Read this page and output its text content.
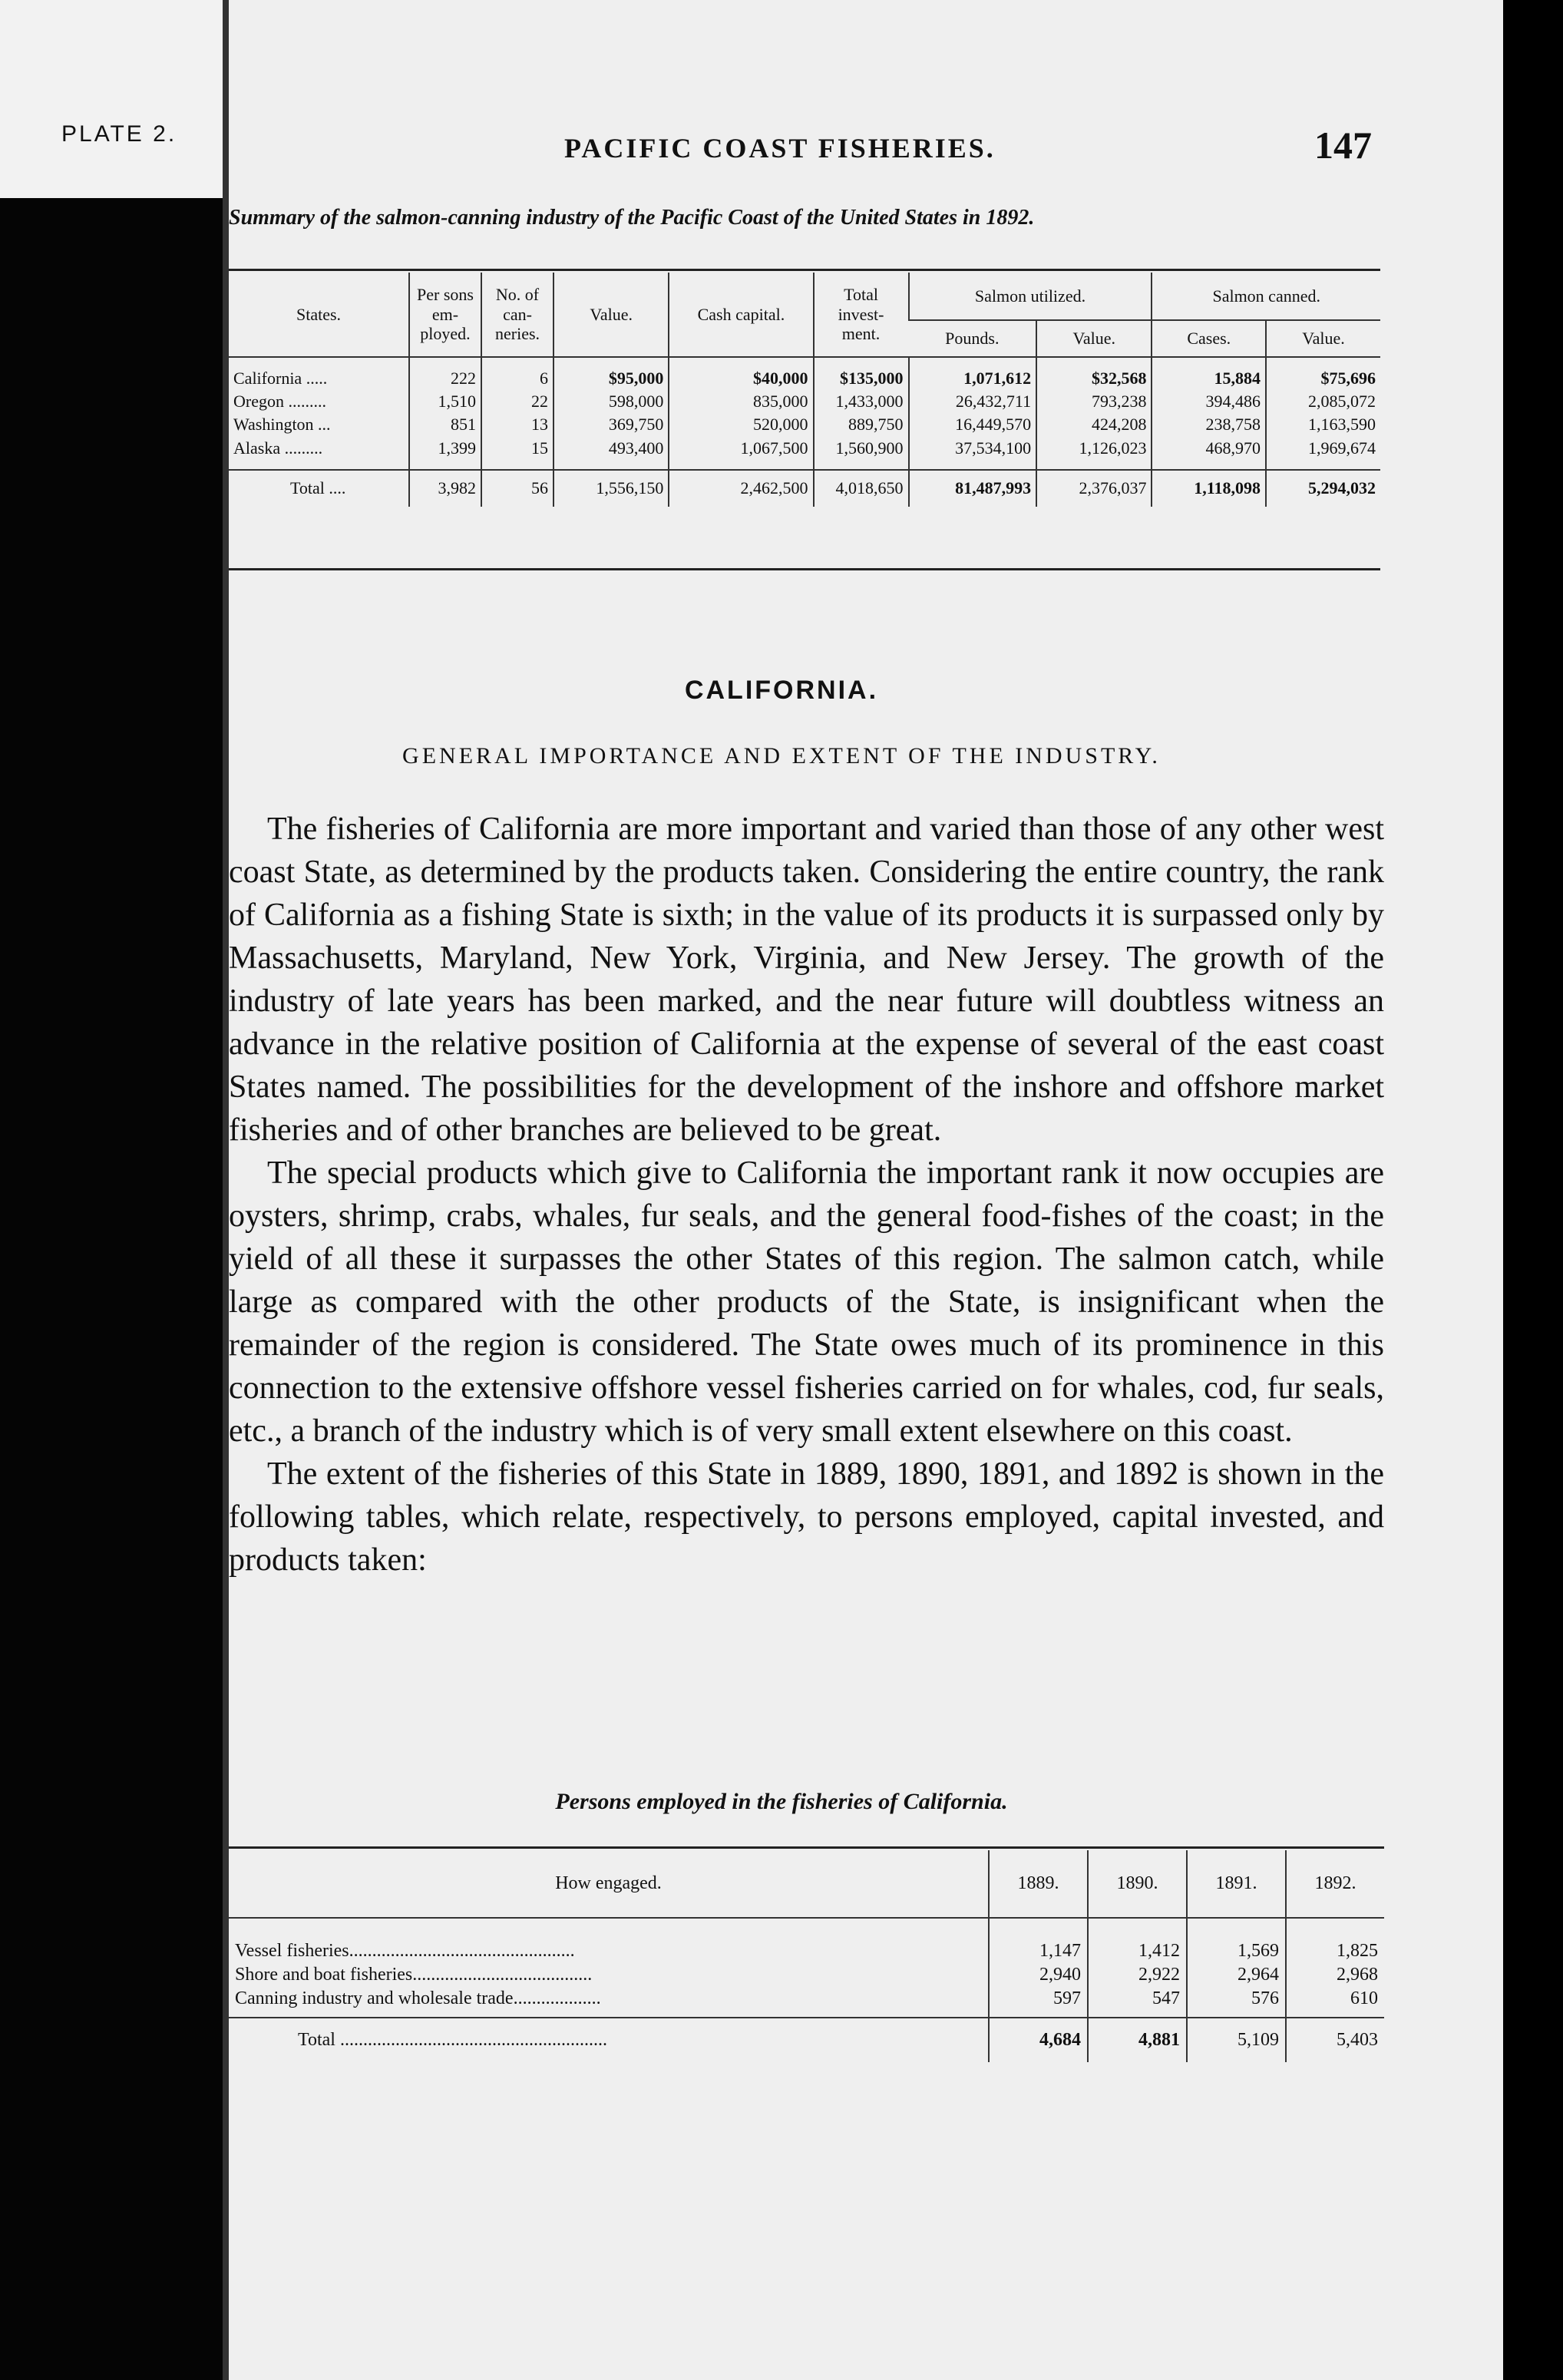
PLATE 2.	PACIFIC COAST FISHERIES.	147
Summary of the salmon-canning industry of the Pacific Coast of the United States in 1892.
States.	Per sons em- ployed.	No. of can- neries.	Value.	Cash capital.	Total invest- ment.	Salmon utilized.		Salmon canned.	
						Pounds.	Value.	Cases.	Value.
California .....	222	6	$95,000	$40,000	$135,000	1,071,612	$32,568	15,884	$75,696
Oregon .........	1,510	22	598,000	835,000	1,433,000	26,432,711	793,238	394,486	2,085,072
Washington ...	851	13	369,750	520,000	889,750	16,449,570	424,208	238,758	1,163,590
Alaska .........	1,399	15	493,400	1,067,500	1,560,900	37,534,100	1,126,023	468,970	1,969,674
Total ....	3,982	56	1,556,150	2,462,500	4,018,650	81,487,993	2,376,037	1,118,098	5,294,032
CALIFORNIA.
GENERAL IMPORTANCE AND EXTENT OF THE INDUSTRY.

The fisheries of California are more important and varied than those of any other west coast State, as determined by the products taken. Considering the entire country, the rank of California as a fishing State is sixth; in the value of its products it is surpassed only by Massachusetts, Maryland, New York, Virginia, and New Jersey. The growth of the industry of late years has been marked, and the near future will doubtless witness an advance in the relative position of California at the expense of several of the east coast States named. The possibilities for the development of the inshore and offshore market fisheries and of other branches are believed to be great.

The special products which give to California the important rank it now occupies are oysters, shrimp, crabs, whales, fur seals, and the general food-fishes of the coast; in the yield of all these it surpasses the other States of this region. The salmon catch, while large as compared with the other products of the State, is insignificant when the remainder of the region is considered. The State owes much of its prominence in this connection to the extensive offshore vessel fisheries carried on for whales, cod, fur seals, etc., a branch of the industry which is of very small extent elsewhere on this coast.

The extent of the fisheries of this State in 1889, 1890, 1891, and 1892 is shown in the following tables, which relate, respectively, to persons employed, capital invested, and products taken:

Persons employed in the fisheries of California.
How engaged.	1889.	1890.	1891.	1892.
Vessel fisheries.................................................	1,147	1,412	1,569	1,825
Shore and boat fisheries.......................................	2,940	2,922	2,964	2,968
Canning industry and wholesale trade...................	597	547	576	610
Total ..........................................................	4,684	4,881	5,109	5,403
